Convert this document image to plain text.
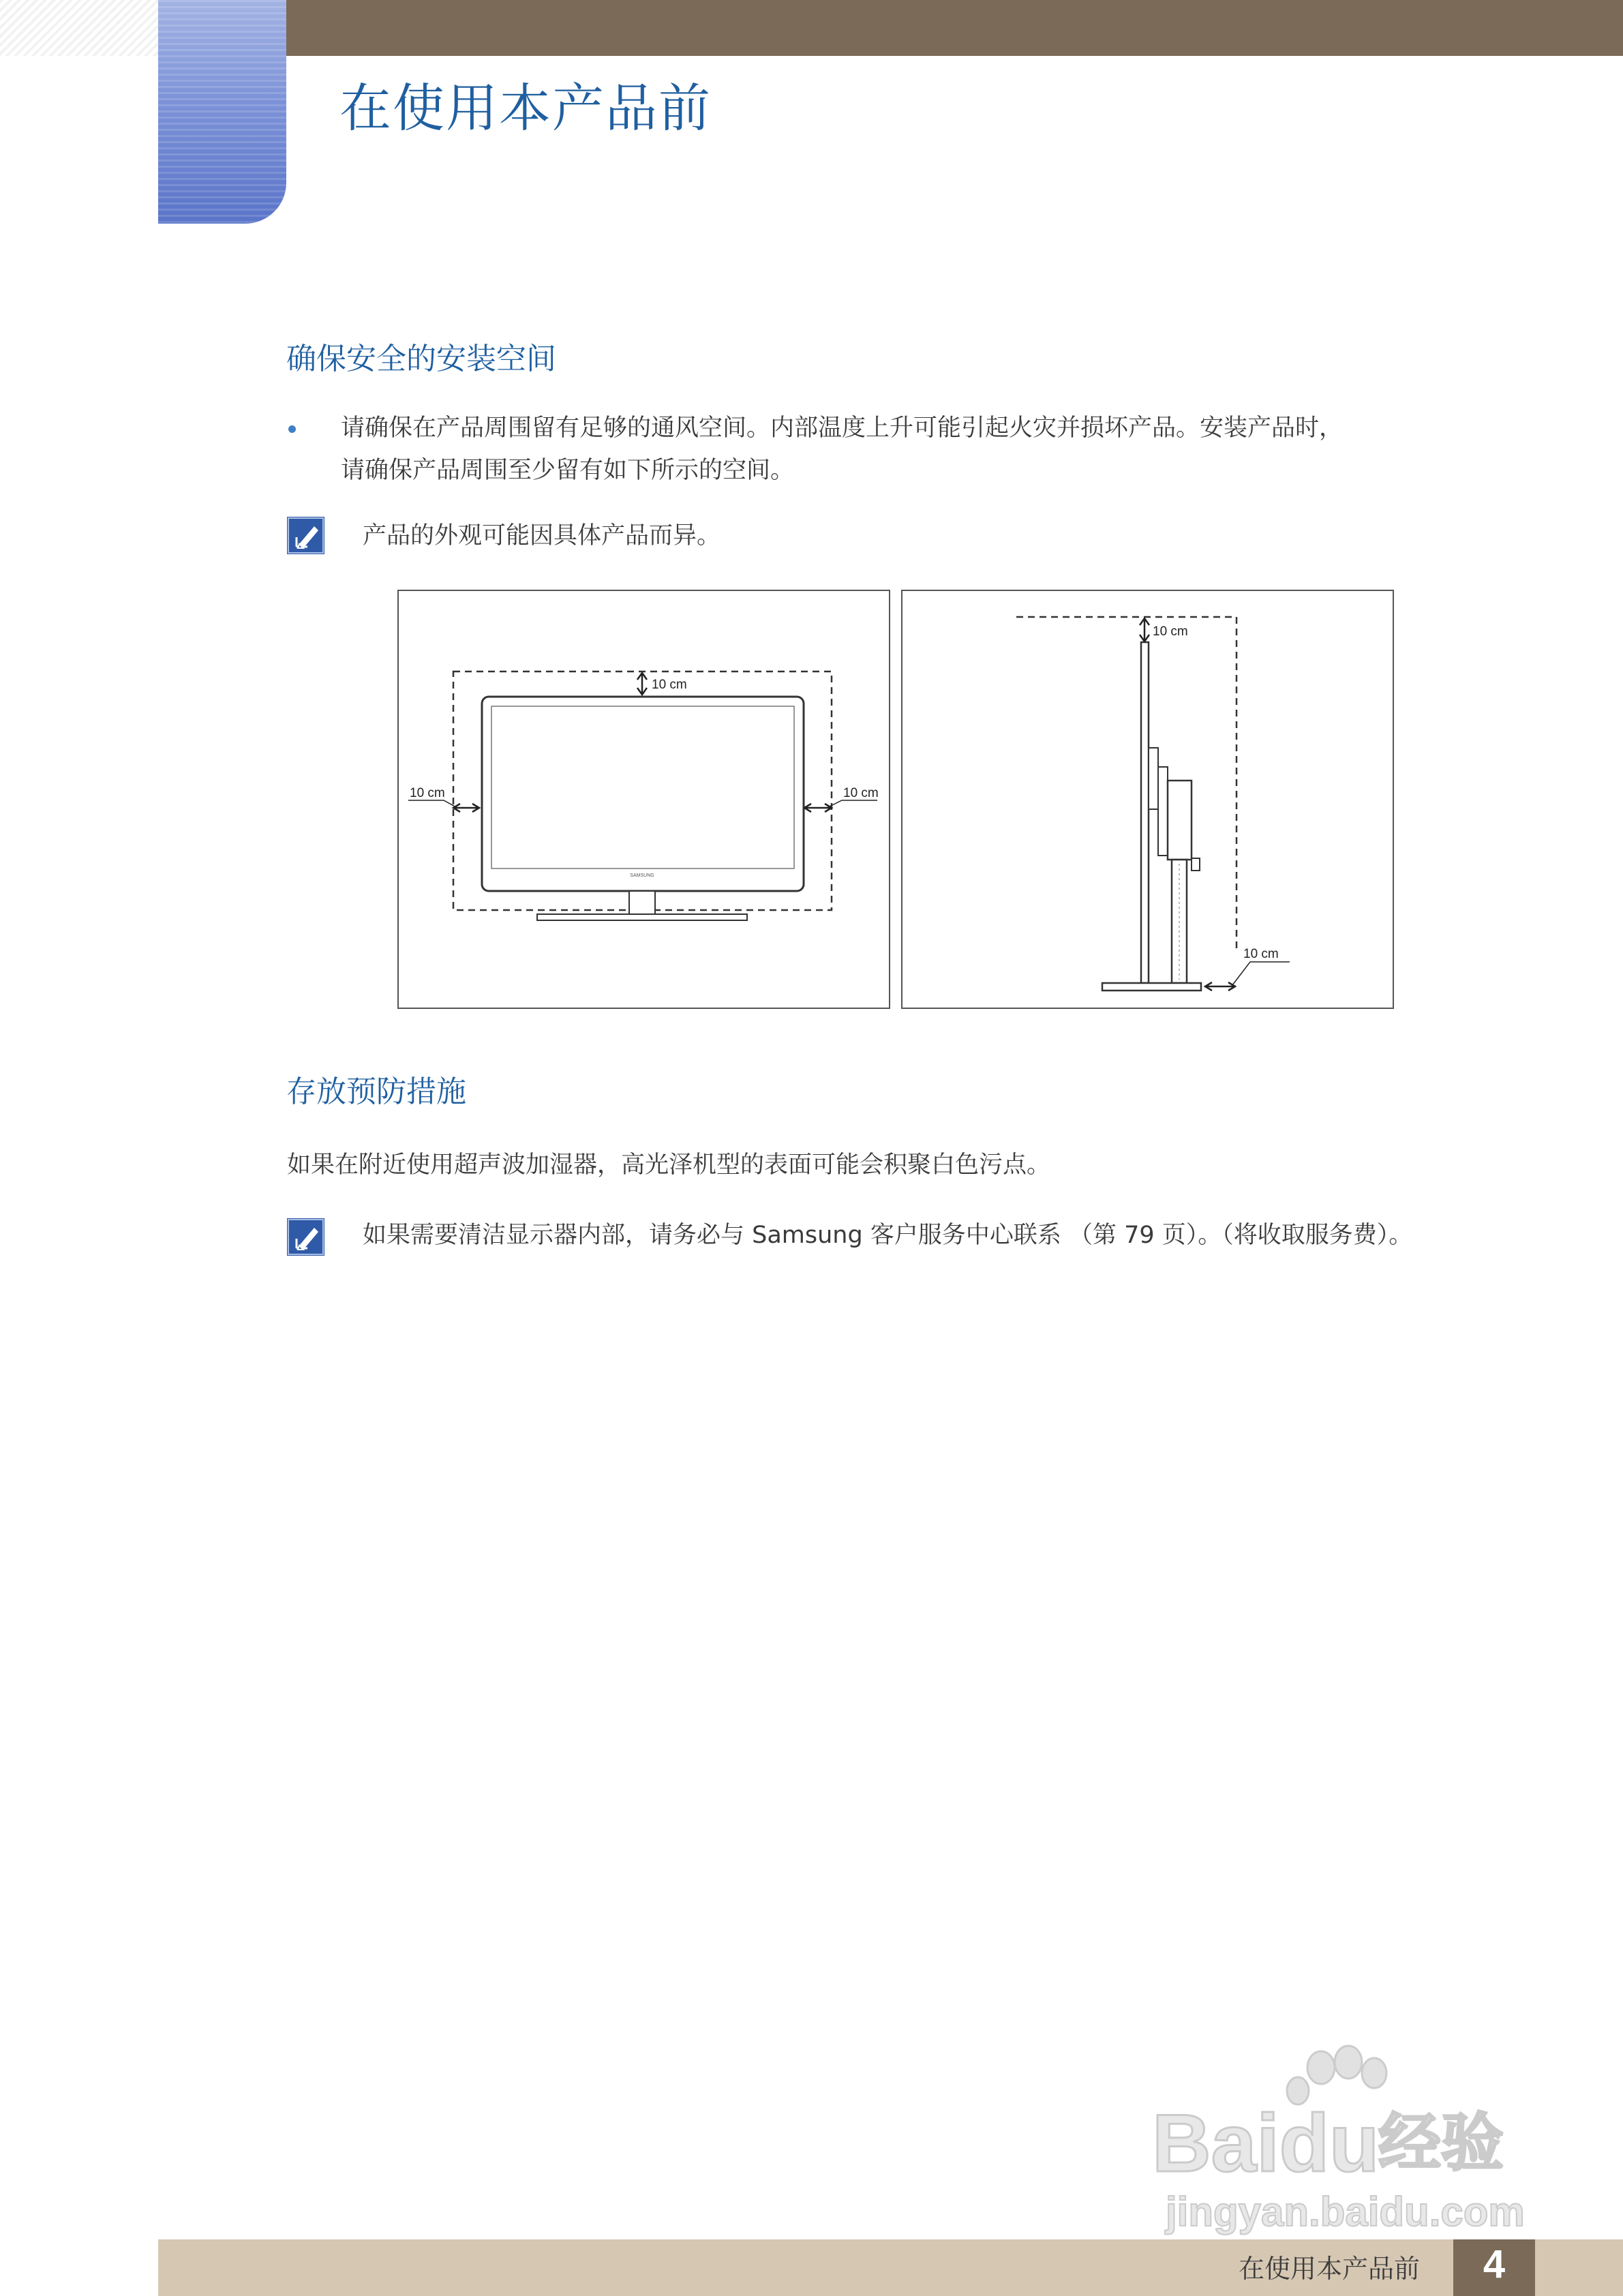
在使用本产品前
确保安全的安装空间
请确保在产品周围留有足够的通风空间。内部温度上升可能引起火灾并损坏产品。安装产品时，
请确保产品周围至少留有如下所示的空间。
产品的外观可能因具体产品而异。
10 cm
10 cm	10 cm
SAMSUNG
10 cm
10 cm
存放预防措施
如果在附近使用超声波加湿器，高光泽机型的表面可能会积聚白色污点。
如果需要清洁显示器内部，请务必与 Samsung 客户服务中心联系 （第 79 页）。（将收取服务费）。
Baidu
经验
jingyan.baidu.com
在使用本产品前	4
